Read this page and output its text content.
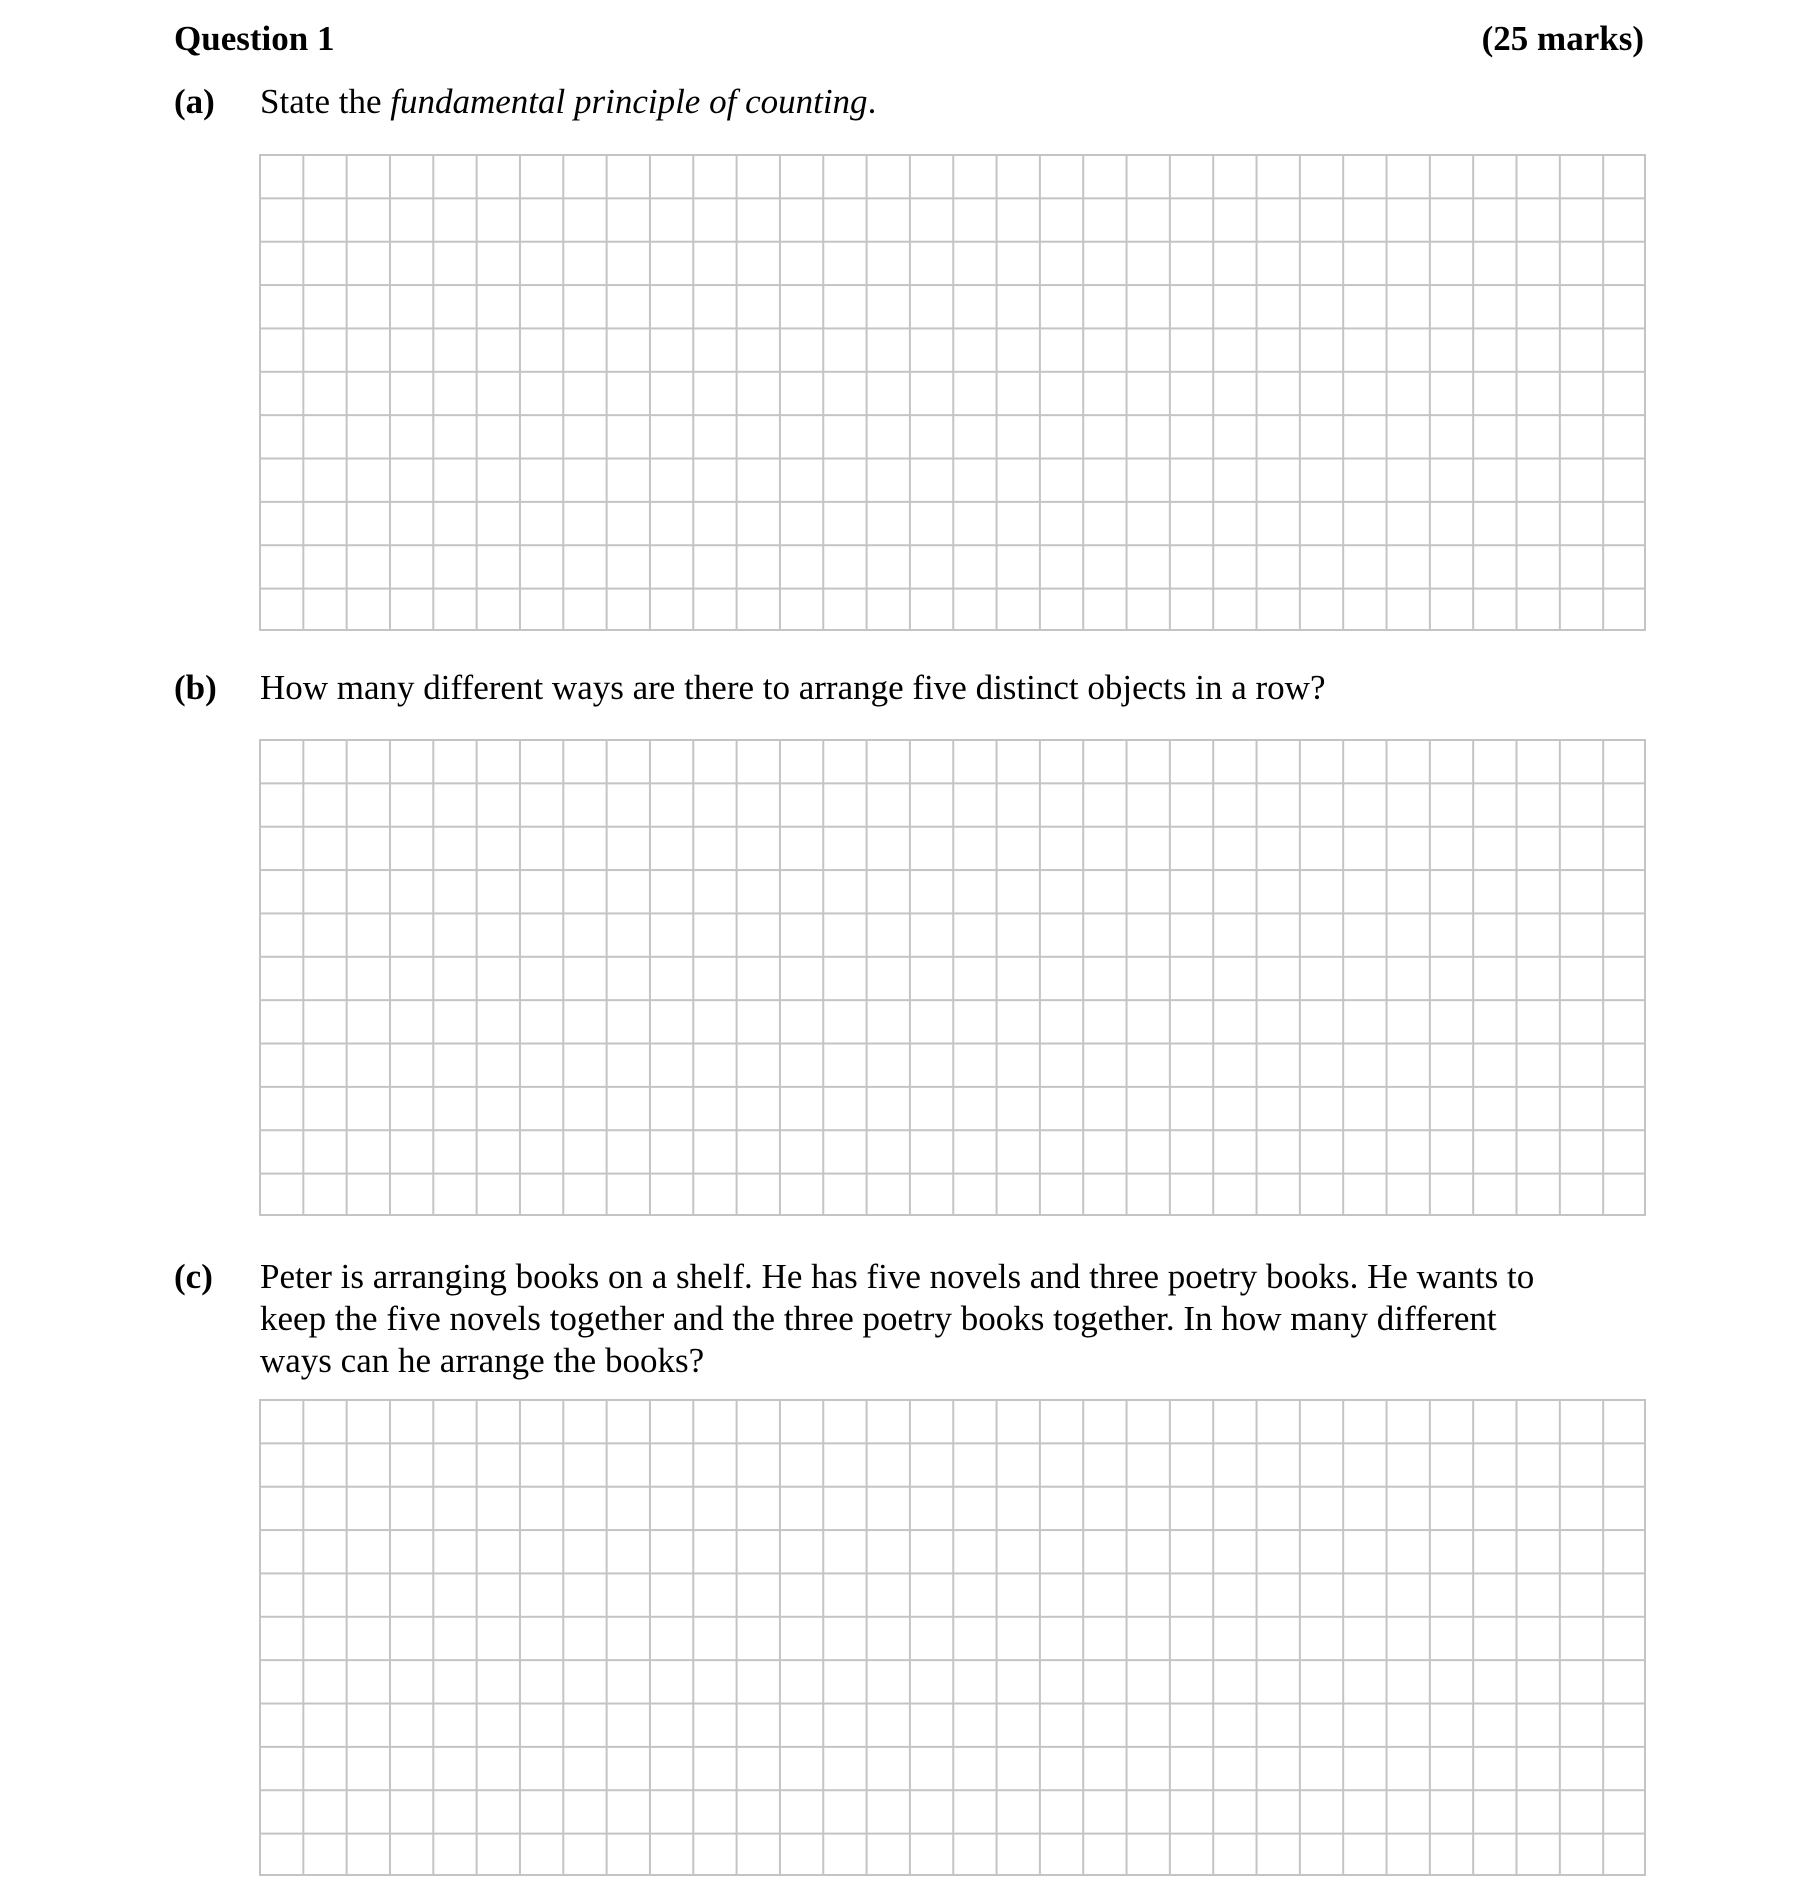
Question 1	(25 marks)
(a) State the fundamental principle of counting.
(b) How many different ways are there to arrange five distinct objects in a row?
(c) Peter is arranging books on a shelf. He has five novels and three poetry books. He wants to
keep the five novels together and the three poetry books together. In how many different
ways can he arrange the books?
